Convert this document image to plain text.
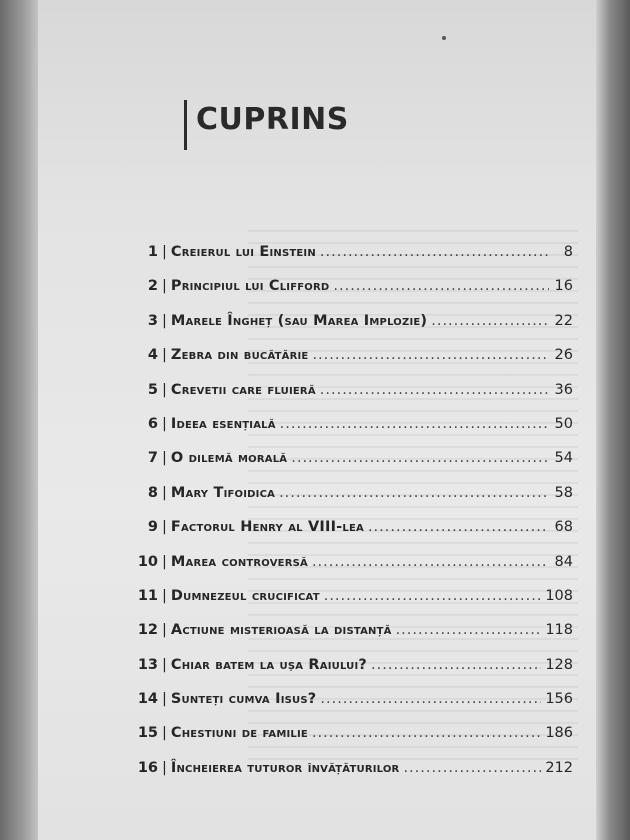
CUPRINS
1 | Creierul lui Einstein .....	8
2 | Principiul lui Clifford .....	16
3 | Marele Îngheț (sau Marea Implozie) .....	22
4 | Zebra din bucătărie .....	26
5 | Crevetii care fluieră .....	36
6 | Ideea esențială .....	50
7 | O dilemă morală .....	54
8 | Mary Tifoidica .....	58
9 | Factorul Henry al VIII-lea .....	68
10 | Marea controversă .....	84
11 | Dumnezeul crucificat .....	108
12 | Actiune misterioasă la distanță .....	118
13 | Chiar batem la ușa Raiului? .....	128
14 | Sunteți cumva Iisus? .....	156
15 | Chestiuni de familie .....	186
16 | Încheierea tuturor învățăturilor .....	212
